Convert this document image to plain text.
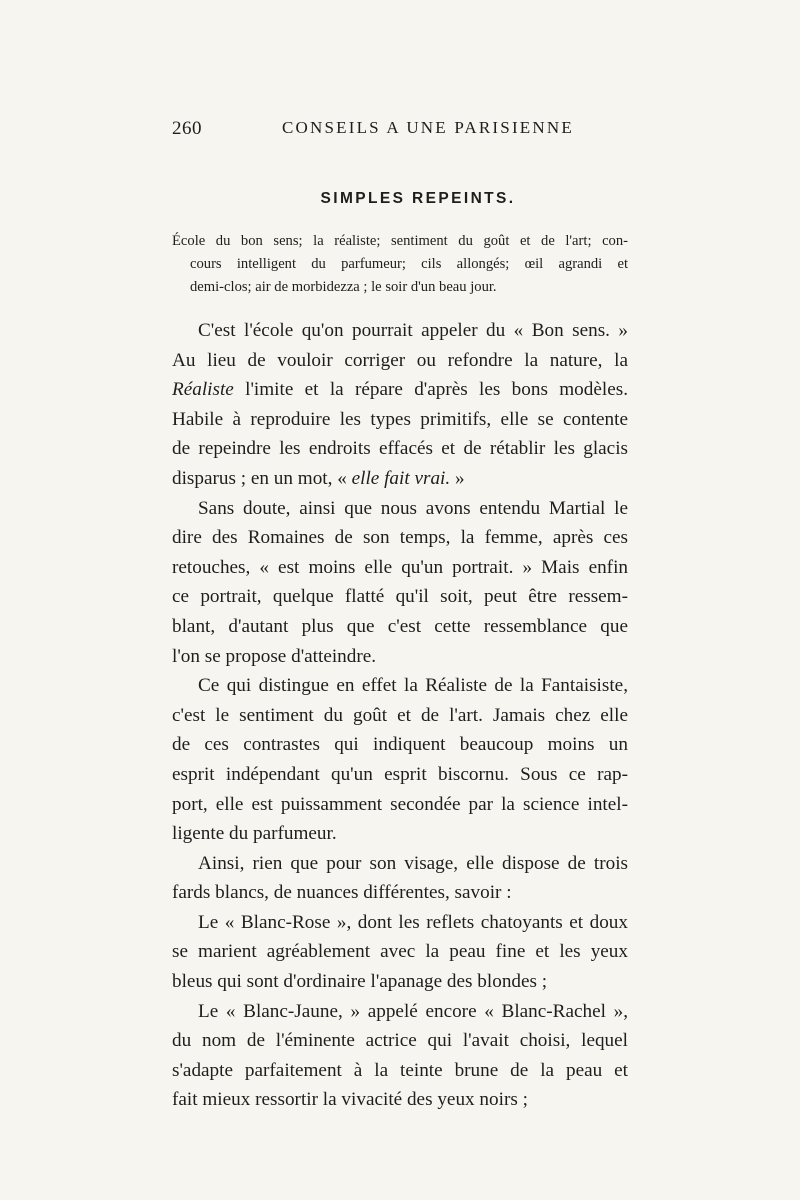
260	CONSEILS A UNE PARISIENNE
SIMPLES REPEINTS.
École du bon sens; la réaliste; sentiment du goût et de l'art; con-
cours intelligent du parfumeur; cils allongés; œil agrandi et
demi-clos; air de morbidezza ; le soir d'un beau jour.
C'est l'école qu'on pourrait appeler du « Bon sens. »
Au lieu de vouloir corriger ou refondre la nature, la
Réaliste l'imite et la répare d'après les bons modèles.
Habile à reproduire les types primitifs, elle se contente
de repeindre les endroits effacés et de rétablir les glacis
disparus ; en un mot, « elle fait vrai. »
Sans doute, ainsi que nous avons entendu Martial le
dire des Romaines de son temps, la femme, après ces
retouches, « est moins elle qu'un portrait. » Mais enfin
ce portrait, quelque flatté qu'il soit, peut être ressem-
blant, d'autant plus que c'est cette ressemblance que
l'on se propose d'atteindre.
Ce qui distingue en effet la Réaliste de la Fantaisiste,
c'est le sentiment du goût et de l'art. Jamais chez elle
de ces contrastes qui indiquent beaucoup moins un
esprit indépendant qu'un esprit biscornu. Sous ce rap-
port, elle est puissamment secondée par la science intel-
ligente du parfumeur.
Ainsi, rien que pour son visage, elle dispose de trois
fards blancs, de nuances différentes, savoir :
Le « Blanc-Rose », dont les reflets chatoyants et doux
se marient agréablement avec la peau fine et les yeux
bleus qui sont d'ordinaire l'apanage des blondes ;
Le « Blanc-Jaune, » appelé encore « Blanc-Rachel »,
du nom de l'éminente actrice qui l'avait choisi, lequel
s'adapte parfaitement à la teinte brune de la peau et
fait mieux ressortir la vivacité des yeux noirs ;
